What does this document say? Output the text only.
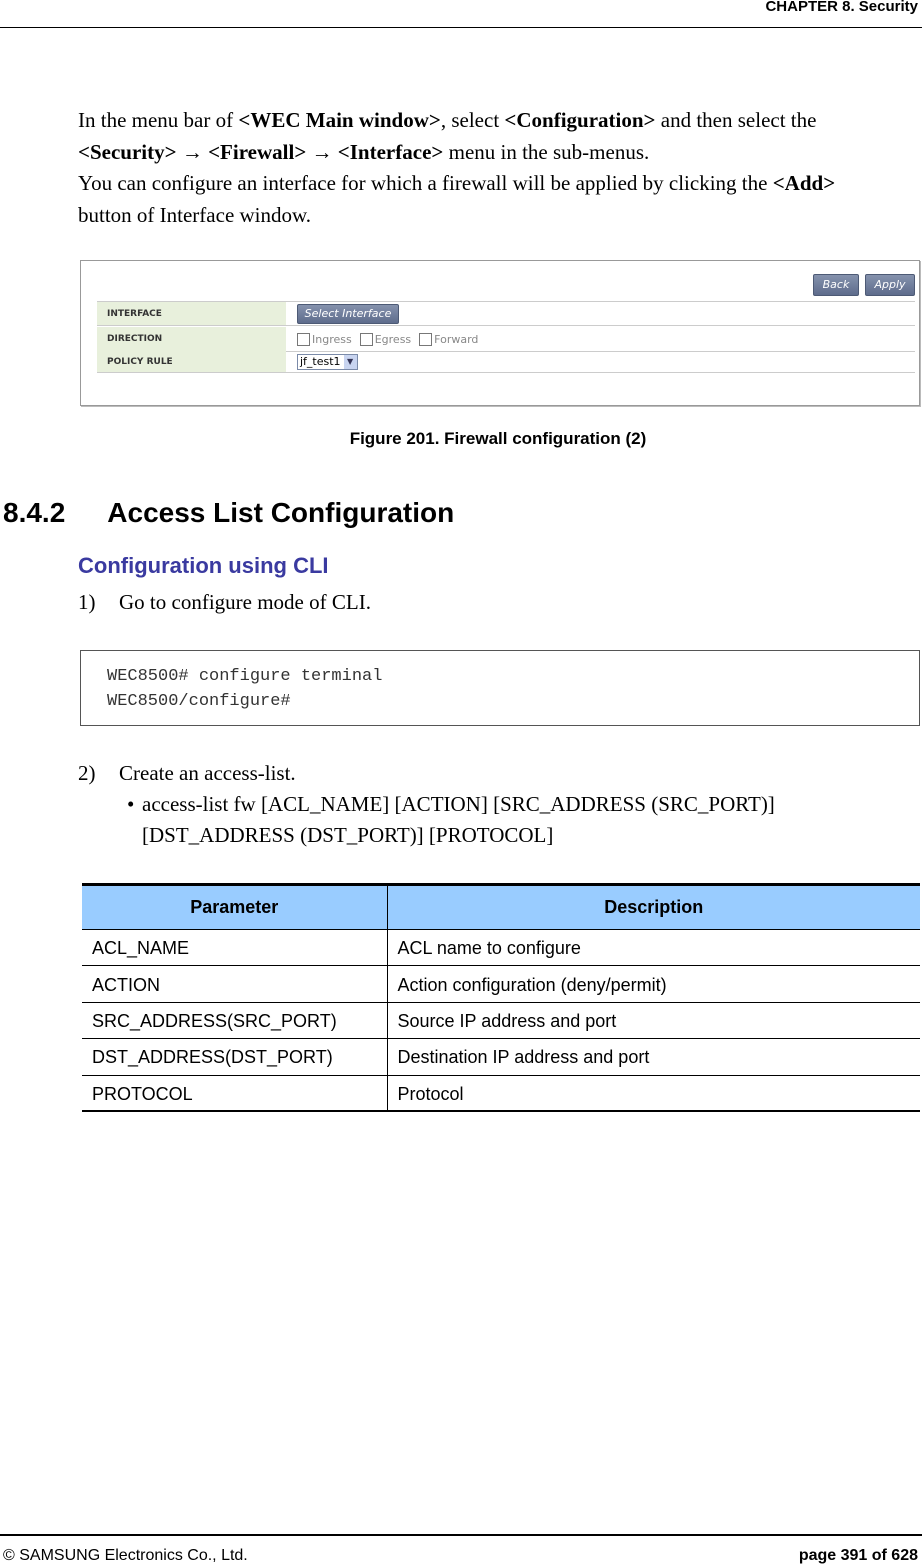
CHAPTER 8. Security
In the menu bar of <WEC Main window>, select <Configuration> and then select the
<Security> → <Firewall> → <Interface> menu in the sub-menus.
You can configure an interface for which a firewall will be applied by clicking the <Add>
button of Interface window.
Back	Apply
INTERFACE	Select Interface
DIRECTION	Ingress Egress Forward
POLICY RULE	jf_test1 ▼
Figure 201. Firewall configuration (2)
8.4.2 Access List Configuration
Configuration using CLI
1) Go to configure mode of CLI.
WEC8500# configure terminal
WEC8500/configure#
2) Create an access-list.
• access-list fw [ACL_NAME] [ACTION] [SRC_ADDRESS (SRC_PORT)]
[DST_ADDRESS (DST_PORT)] [PROTOCOL]
Parameter	Description
ACL_NAME	ACL name to configure
ACTION	Action configuration (deny/permit)
SRC_ADDRESS(SRC_PORT)	Source IP address and port
DST_ADDRESS(DST_PORT)	Destination IP address and port
PROTOCOL	Protocol
© SAMSUNG Electronics Co., Ltd.	page 391 of 628
